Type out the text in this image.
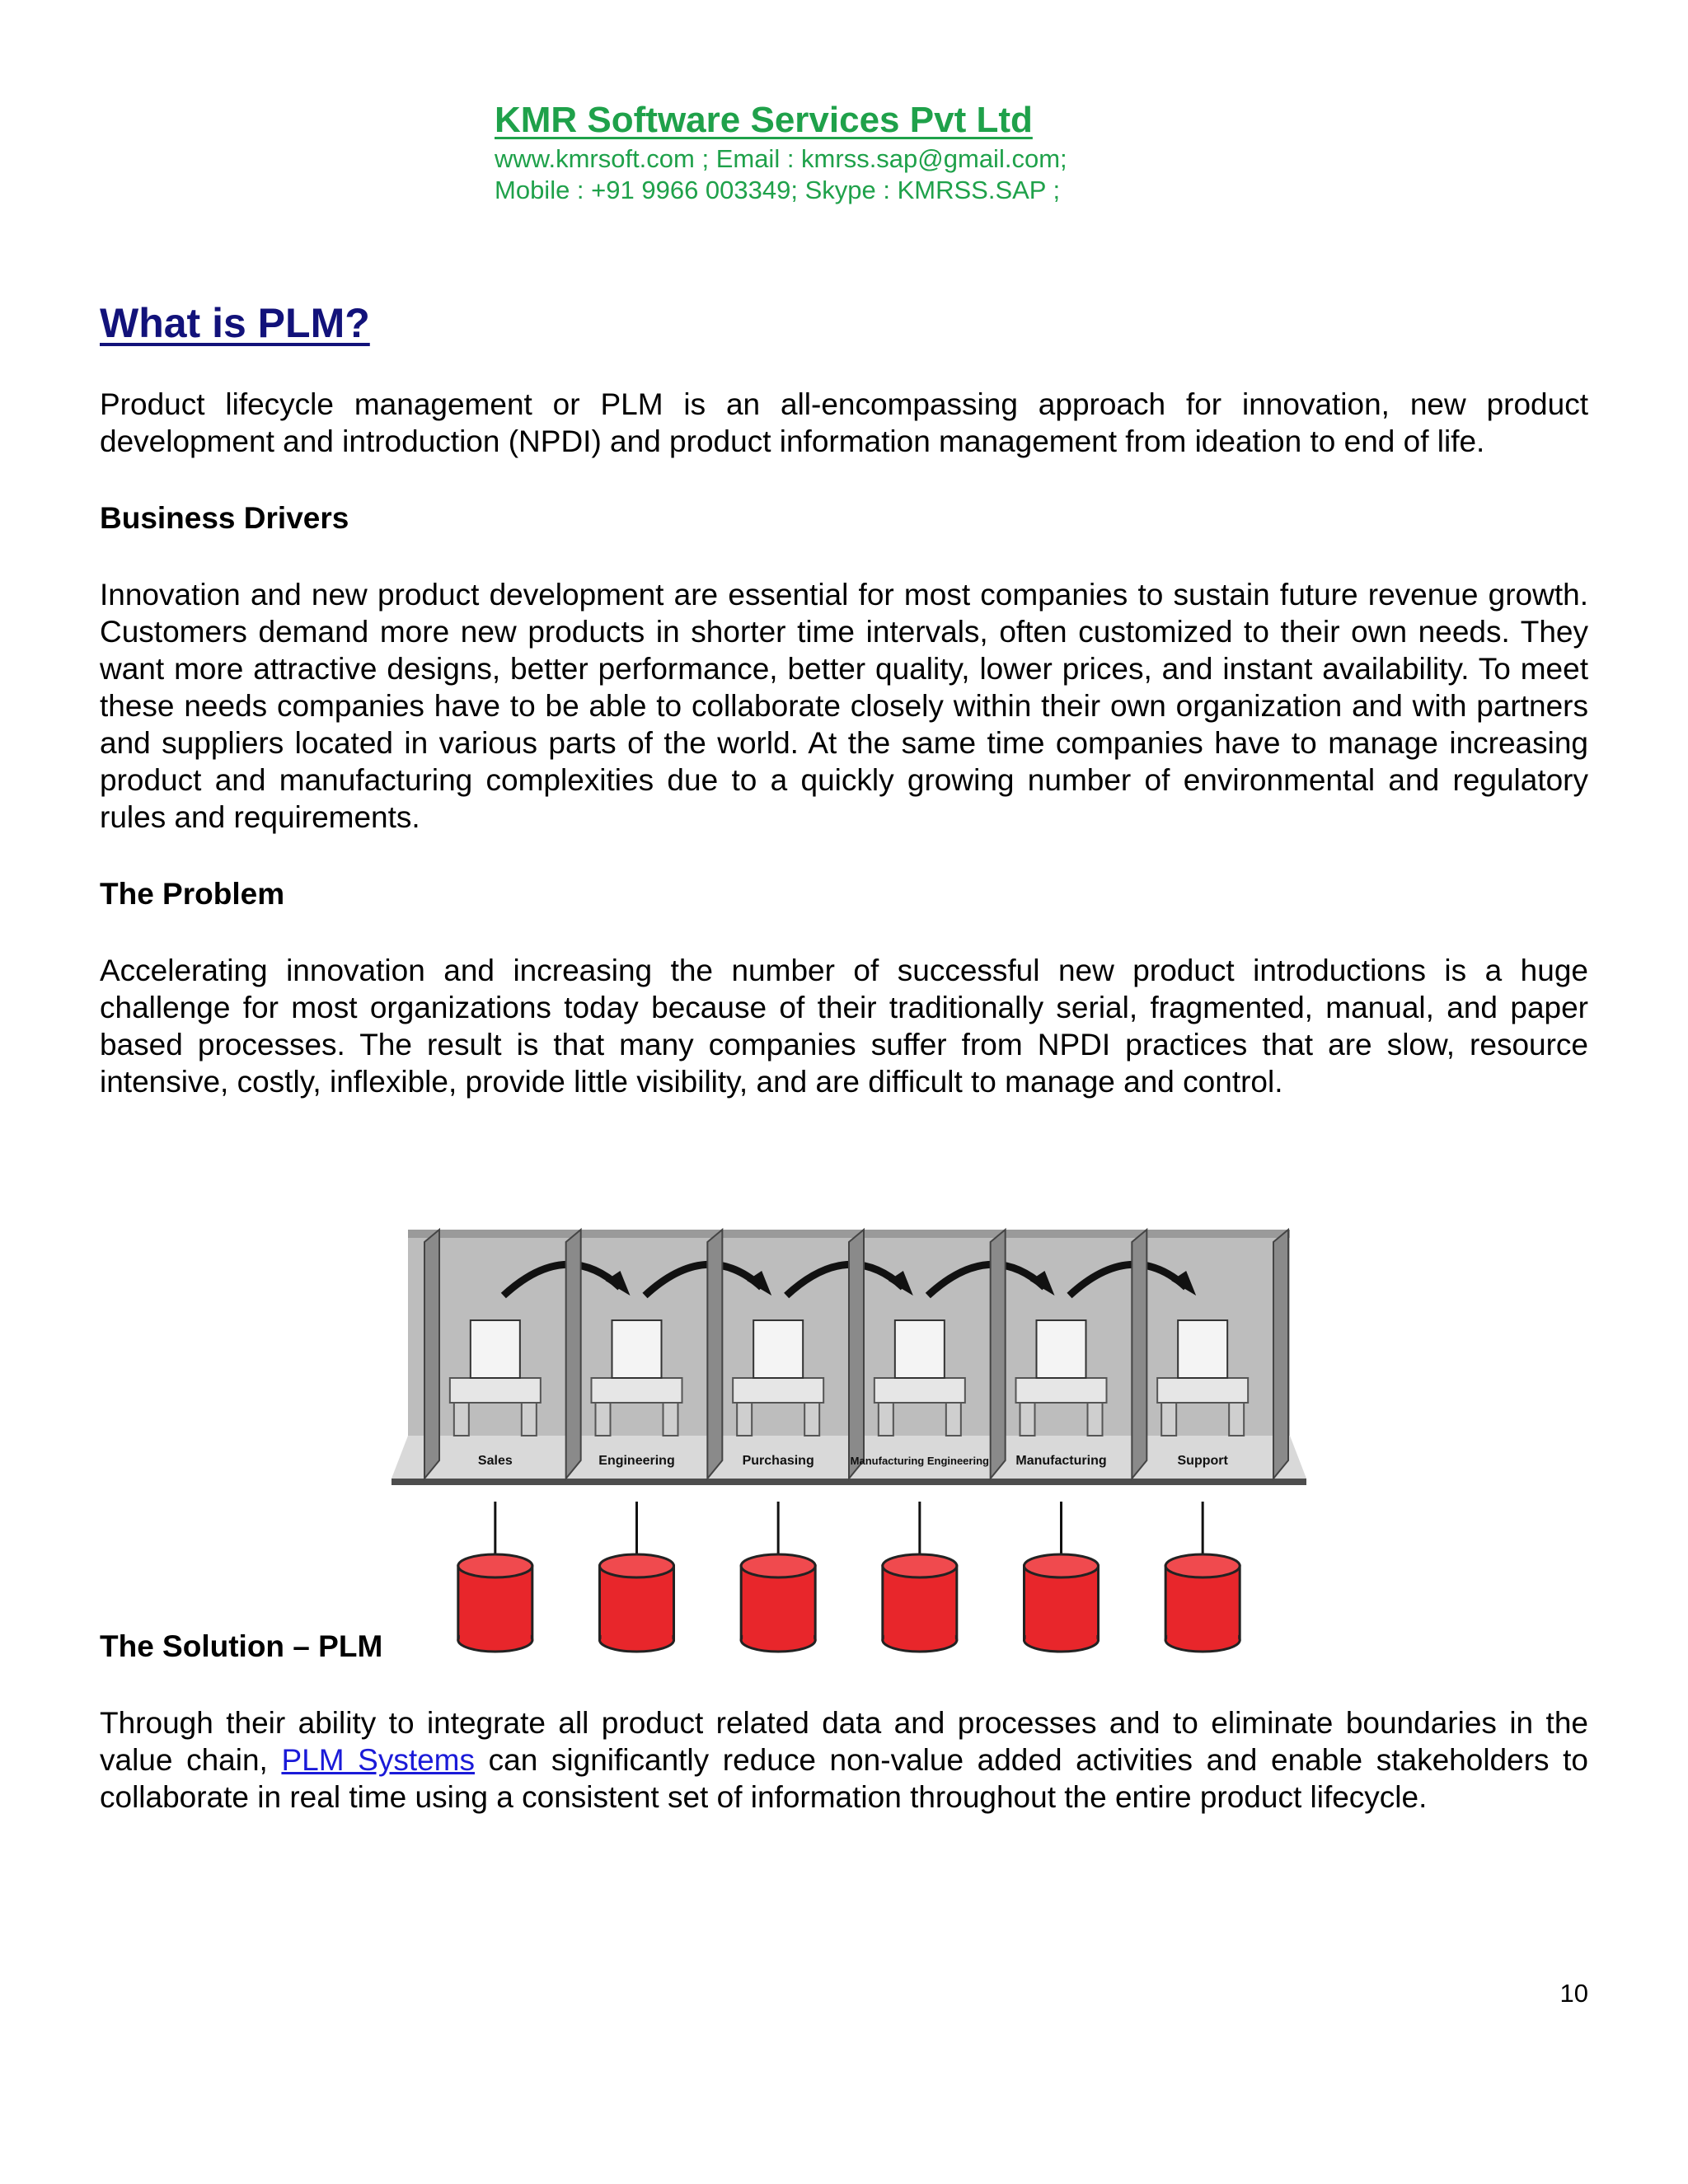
KMR Software Services Pvt Ltd

www.kmrsoft.com ; Email : kmrss.sap@gmail.com;

Mobile : +91 9966 003349; Skype : KMRSS.SAP ;

What is PLM?

Product lifecycle management or PLM is an all-encompassing approach for innovation, new product development and introduction (NPDI) and product information management from ideation to end of life.

Business Drivers

Innovation and new product development are essential for most companies to sustain future revenue growth. Customers demand more new products in shorter time intervals, often customized to their own needs. They want more attractive designs, better performance, better quality, lower prices, and instant availability. To meet these needs companies have to be able to collaborate closely within their own organization and with partners and suppliers located in various parts of the world. At the same time companies have to manage increasing product and manufacturing complexities due to a quickly growing number of environmental and regulatory rules and requirements.

The Problem

Accelerating innovation and increasing the number of successful new product introductions is a huge challenge for most organizations today because of their traditionally serial, fragmented, manual, and paper based processes. The result is that many companies suffer from NPDI practices that are slow, resource intensive, costly, inflexible, provide little visibility, and are difficult to manage and control.

The Solution – PLM

Through their ability to integrate all product related data and processes and to eliminate boundaries in the value chain, PLM Systems can significantly reduce non-value added activities and enable stakeholders to collaborate in real time using a consistent set of information throughout the entire product lifecycle.

Sales	Engineering	Purchasing	Manufacturing Engineering Manufacturing	Support
10
